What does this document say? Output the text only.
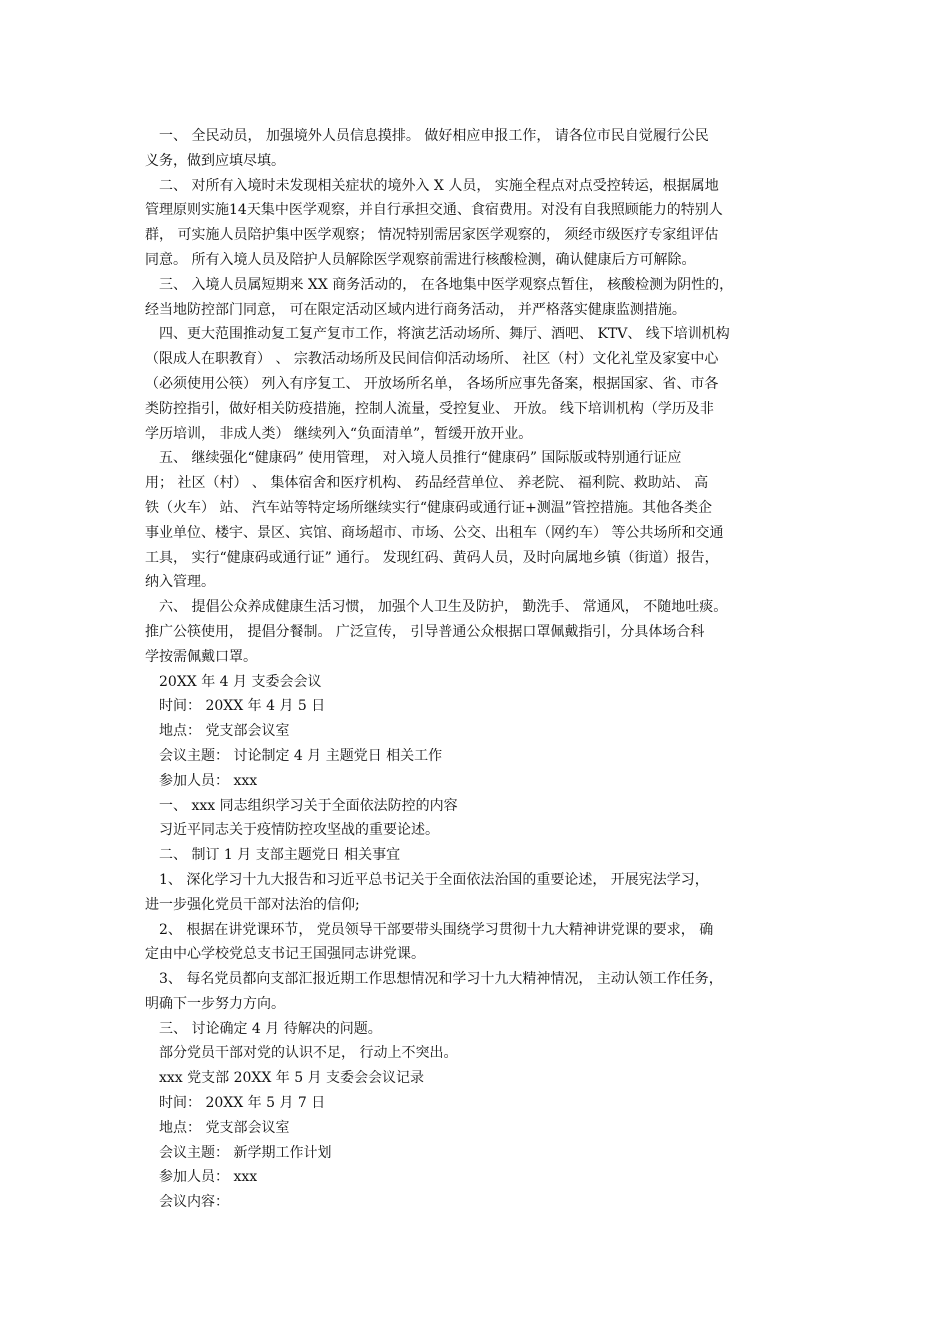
　一、 全民动员， 加强境外人员信息摸排。 做好相应申报工作， 请各位市民自觉履行公民
义务，做到应填尽填。
　二、 对所有入境时未发现相关症状的境外入 X 人员， 实施全程点对点受控转运，根据属地
管理原则实施14天集中医学观察，并自行承担交通、食宿费用。对没有自我照顾能力的特别人
群， 可实施人员陪护集中医学观察； 情况特别需居家医学观察的， 须经市级医疗专家组评估
同意。 所有入境人员及陪护人员解除医学观察前需进行核酸检测，确认健康后方可解除。
　三、 入境人员属短期来 XX 商务活动的， 在各地集中医学观察点暂住， 核酸检测为阴性的，
经当地防控部门同意， 可在限定活动区域内进行商务活动， 并严格落实健康监测措施。
　四、更大范围推动复工复产复市工作，将演艺活动场所、舞厅、酒吧、 KTV、 线下培训机构
（限成人在职教育） 、 宗教活动场所及民间信仰活动场所、 社区（村）文化礼堂及家宴中心
（必须使用公筷） 列入有序复工、 开放场所名单， 各场所应事先备案，根据国家、省、市各
类防控指引，做好相关防疫措施，控制人流量，受控复业、 开放。 线下培训机构（学历及非
学历培训， 非成人类） 继续列入“负面清单”，暂缓开放开业。
　五、 继续强化“健康码” 使用管理， 对入境人员推行“健康码” 国际版或特别通行证应
用； 社区（村） 、 集体宿舍和医疗机构、 药品经营单位、 养老院、 福利院、救助站、 高
铁（火车） 站、 汽车站等特定场所继续实行“健康码或通行证+测温”管控措施。其他各类企
事业单位、楼宇、景区、宾馆、商场超市、市场、公交、出租车（网约车） 等公共场所和交通
工具， 实行“健康码或通行证” 通行。 发现红码、黄码人员，及时向属地乡镇（街道）报告，
纳入管理。
　六、 提倡公众养成健康生活习惯， 加强个人卫生及防护， 勤洗手、 常通风， 不随地吐痰。
推广公筷使用， 提倡分餐制。 广泛宣传， 引导普通公众根据口罩佩戴指引，分具体场合科
学按需佩戴口罩。
　20XX 年 4 月 支委会会议
　时间： 20XX 年 4 月 5 日
　地点： 党支部会议室
　会议主题： 讨论制定 4 月 主题党日 相关工作
　参加人员： xxx
　一、 xxx 同志组织学习关于全面依法防控的内容
　习近平同志关于疫情防控攻坚战的重要论述。
　二、 制订 1 月 支部主题党日 相关事宜
　1、 深化学习十九大报告和习近平总书记关于全面依法治国的重要论述， 开展宪法学习，
进一步强化党员干部对法治的信仰;
　2、 根据在讲党课环节， 党员领导干部要带头围绕学习贯彻十九大精神讲党课的要求， 确
定由中心学校党总支书记王国强同志讲党课。
　3、 每名党员都向支部汇报近期工作思想情况和学习十九大精神情况， 主动认领工作任务，
明确下一步努力方向。
　三、 讨论确定 4 月 待解决的问题。
　部分党员干部对党的认识不足， 行动上不突出。
　xxx 党支部 20XX 年 5 月 支委会会议记录
　时间： 20XX 年 5 月 7 日
　地点： 党支部会议室
　会议主题： 新学期工作计划
　参加人员： xxx
　会议内容：
